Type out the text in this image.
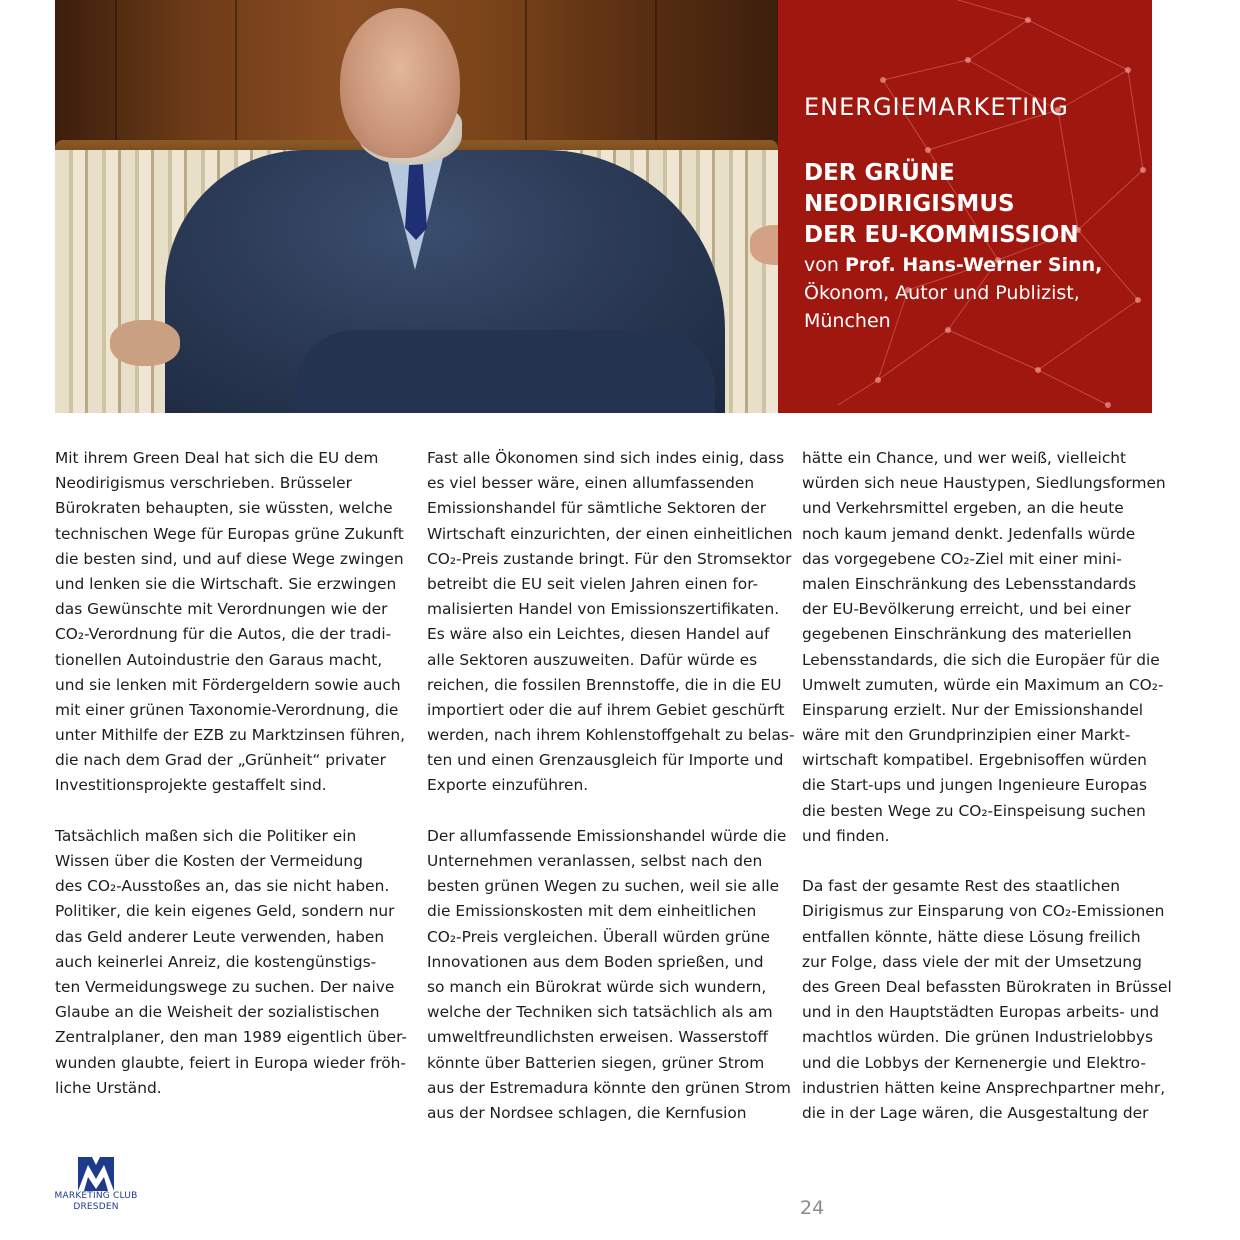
ENERGIEMARKETING
DER GRÜNE NEODIRIGISMUS
DER EU-KOMMISSION
von Prof. Hans-Werner Sinn,
Ökonom, Autor und Publizist,
München
Mit ihrem Green Deal hat sich die EU dem
Neodirigismus verschrieben. Brüsseler
Bürokraten behaupten, sie wüssten, welche
technischen Wege für Europas grüne Zukunft
die besten sind, und auf diese Wege zwingen
und lenken sie die Wirtschaft. Sie erzwingen
das Gewünschte mit Verordnungen wie der
CO₂-Verordnung für die Autos, die der tradi-
tionellen Autoindustrie den Garaus macht,
und sie lenken mit Fördergeldern sowie auch
mit einer grünen Taxonomie-Verordnung, die
unter Mithilfe der EZB zu Marktzinsen führen,
die nach dem Grad der „Grünheit“ privater
Investitionsprojekte gestaffelt sind.
Tatsächlich maßen sich die Politiker ein
Wissen über die Kosten der Vermeidung
des CO₂-Ausstoßes an, das sie nicht haben.
Politiker, die kein eigenes Geld, sondern nur
das Geld anderer Leute verwenden, haben
auch keinerlei Anreiz, die kostengünstigs-
ten Vermeidungswege zu suchen. Der naive
Glaube an die Weisheit der sozialistischen
Zentralplaner, den man 1989 eigentlich über-
wunden glaubte, feiert in Europa wieder fröh-
liche Urständ.
Fast alle Ökonomen sind sich indes einig, dass
es viel besser wäre, einen allumfassenden
Emissionshandel für sämtliche Sektoren der
Wirtschaft einzurichten, der einen einheitlichen
CO₂-Preis zustande bringt. Für den Stromsektor
betreibt die EU seit vielen Jahren einen for-
malisierten Handel von Emissionszertifikaten.
Es wäre also ein Leichtes, diesen Handel auf
alle Sektoren auszuweiten. Dafür würde es
reichen, die fossilen Brennstoffe, die in die EU
importiert oder die auf ihrem Gebiet geschürft
werden, nach ihrem Kohlenstoffgehalt zu belas-
ten und einen Grenzausgleich für Importe und
Exporte einzuführen.
Der allumfassende Emissionshandel würde die
Unternehmen veranlassen, selbst nach den
besten grünen Wegen zu suchen, weil sie alle
die Emissionskosten mit dem einheitlichen
CO₂-Preis vergleichen. Überall würden grüne
Innovationen aus dem Boden sprießen, und
so manch ein Bürokrat würde sich wundern,
welche der Techniken sich tatsächlich als am
umweltfreundlichsten erweisen. Wasserstoff
könnte über Batterien siegen, grüner Strom
aus der Estremadura könnte den grünen Strom
aus der Nordsee schlagen, die Kernfusion
hätte ein Chance, und wer weiß, vielleicht
würden sich neue Haustypen, Siedlungsformen
und Verkehrsmittel ergeben, an die heute
noch kaum jemand denkt. Jedenfalls würde
das vorgegebene CO₂-Ziel mit einer mini-
malen Einschränkung des Lebensstandards
der EU-Bevölkerung erreicht, und bei einer
gegebenen Einschränkung des materiellen
Lebensstandards, die sich die Europäer für die
Umwelt zumuten, würde ein Maximum an CO₂-
Einsparung erzielt. Nur der Emissionshandel
wäre mit den Grundprinzipien einer Markt-
wirtschaft kompatibel. Ergebnisoffen würden
die Start-ups und jungen Ingenieure Europas
die besten Wege zu CO₂-Einspeisung suchen
und finden.
Da fast der gesamte Rest des staatlichen
Dirigismus zur Einsparung von CO₂-Emissionen
entfallen könnte, hätte diese Lösung freilich
zur Folge, dass viele der mit der Umsetzung
des Green Deal befassten Bürokraten in Brüssel
und in den Hauptstädten Europas arbeits- und
machtlos würden. Die grünen Industrielobbys
und die Lobbys der Kernenergie und Elektro-
industrien hätten keine Ansprechpartner mehr,
die in der Lage wären, die Ausgestaltung der
MARKETING CLUB
DRESDEN	24
